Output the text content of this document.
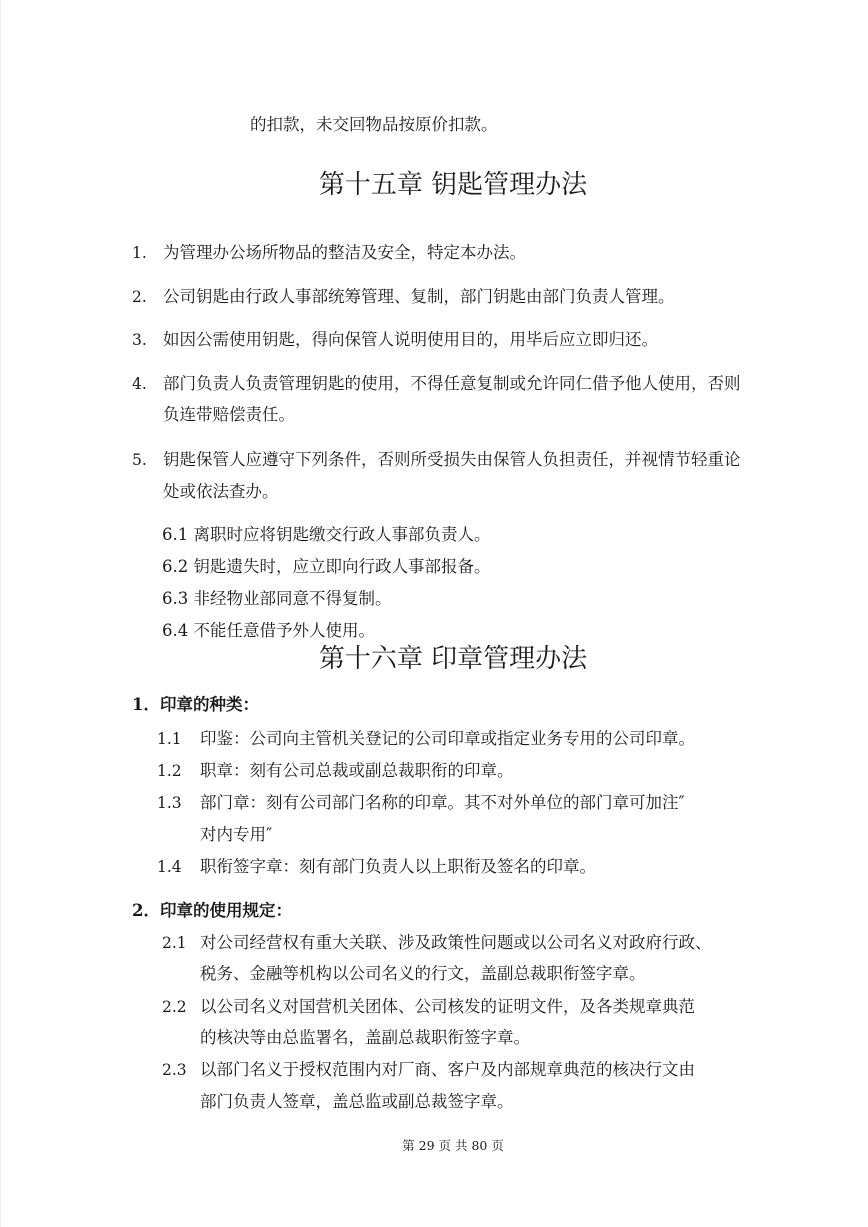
的扣款，未交回物品按原价扣款。
第十五章 钥匙管理办法
1. 为管理办公场所物品的整洁及安全，特定本办法。
2. 公司钥匙由行政人事部统筹管理、复制，部门钥匙由部门负责人管理。
3. 如因公需使用钥匙，得向保管人说明使用目的，用毕后应立即归还。
4. 部门负责人负责管理钥匙的使用，不得任意复制或允许同仁借予他人使用，否则
负连带赔偿责任。
5. 钥匙保管人应遵守下列条件，否则所受损失由保管人负担责任，并视情节轻重论
处或依法查办。
6.1 离职时应将钥匙缴交行政人事部负责人。
6.2 钥匙遗失时，应立即向行政人事部报备。
6.3 非经物业部同意不得复制。
6.4 不能任意借予外人使用。
第十六章 印章管理办法
1．印章的种类：
1.1 印鉴：公司向主管机关登记的公司印章或指定业务专用的公司印章。
1.2 职章：刻有公司总裁或副总裁职衔的印章。
1.3 部门章：刻有公司部门名称的印章。其不对外单位的部门章可加注″
对内专用″
1.4 职衔签字章：刻有部门负责人以上职衔及签名的印章。
2．印章的使用规定：
2.1 对公司经营权有重大关联、涉及政策性问题或以公司名义对政府行政、
税务、金融等机构以公司名义的行文，盖副总裁职衔签字章。
2.2 以公司名义对国营机关团体、公司核发的证明文件，及各类规章典范
的核决等由总监署名，盖副总裁职衔签字章。
2.3 以部门名义于授权范围内对厂商、客户及内部规章典范的核决行文由
部门负责人签章，盖总监或副总裁签字章。
第 29 页 共 80 页
